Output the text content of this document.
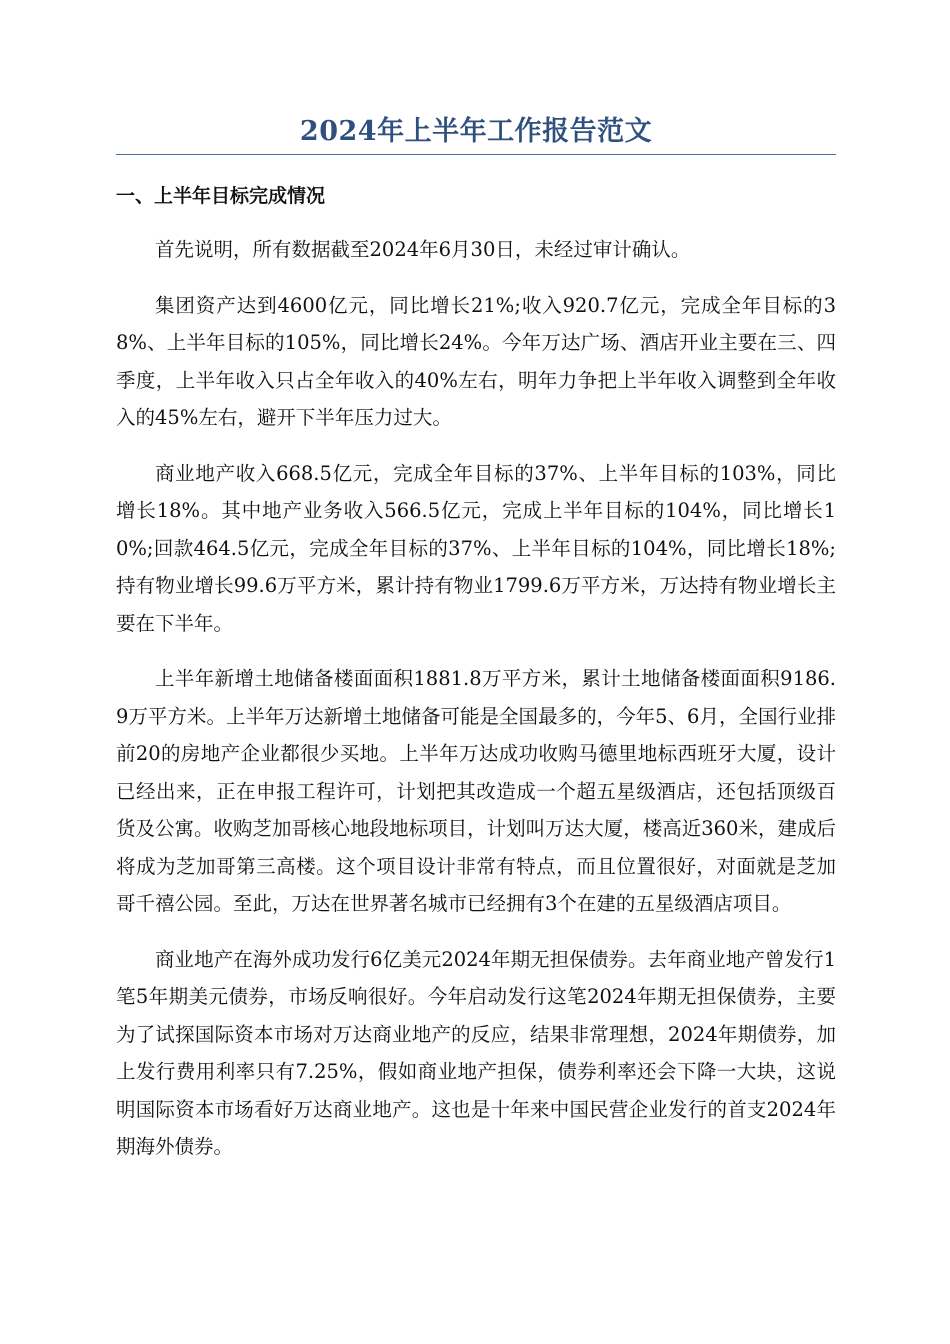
2024年上半年工作报告范文
一、上半年目标完成情况

首先说明，所有数据截至2024年6月30日，未经过审计确认。

集团资产达到4600亿元，同比增长21%;收入920.7亿元，完成全年目标的38%、上半年目标的105%，同比增长24%。今年万达广场、酒店开业主要在三、四季度，上半年收入只占全年收入的40%左右，明年力争把上半年收入调整到全年收入的45%左右，避开下半年压力过大。

商业地产收入668.5亿元，完成全年目标的37%、上半年目标的103%，同比增长18%。其中地产业务收入566.5亿元，完成上半年目标的104%，同比增长10%;回款464.5亿元，完成全年目标的37%、上半年目标的104%，同比增长18%;持有物业增长99.6万平方米，累计持有物业1799.6万平方米，万达持有物业增长主要在下半年。

上半年新增土地储备楼面面积1881.8万平方米，累计土地储备楼面面积9186.9万平方米。上半年万达新增土地储备可能是全国最多的，今年5、6月，全国行业排前20的房地产企业都很少买地。上半年万达成功收购马德里地标西班牙大厦，设计已经出来，正在申报工程许可，计划把其改造成一个超五星级酒店，还包括顶级百货及公寓。收购芝加哥核心地段地标项目，计划叫万达大厦，楼高近360米，建成后将成为芝加哥第三高楼。这个项目设计非常有特点，而且位置很好，对面就是芝加哥千禧公园。至此，万达在世界著名城市已经拥有3个在建的五星级酒店项目。

商业地产在海外成功发行6亿美元2024年期无担保债券。去年商业地产曾发行1笔5年期美元债券，市场反响很好。今年启动发行这笔2024年期无担保债券，主要为了试探国际资本市场对万达商业地产的反应，结果非常理想，2024年期债券，加上发行费用利率只有7.25%，假如商业地产担保，债券利率还会下降一大块，这说明国际资本市场看好万达商业地产。这也是十年来中国民营企业发行的首支2024年期海外债券。
